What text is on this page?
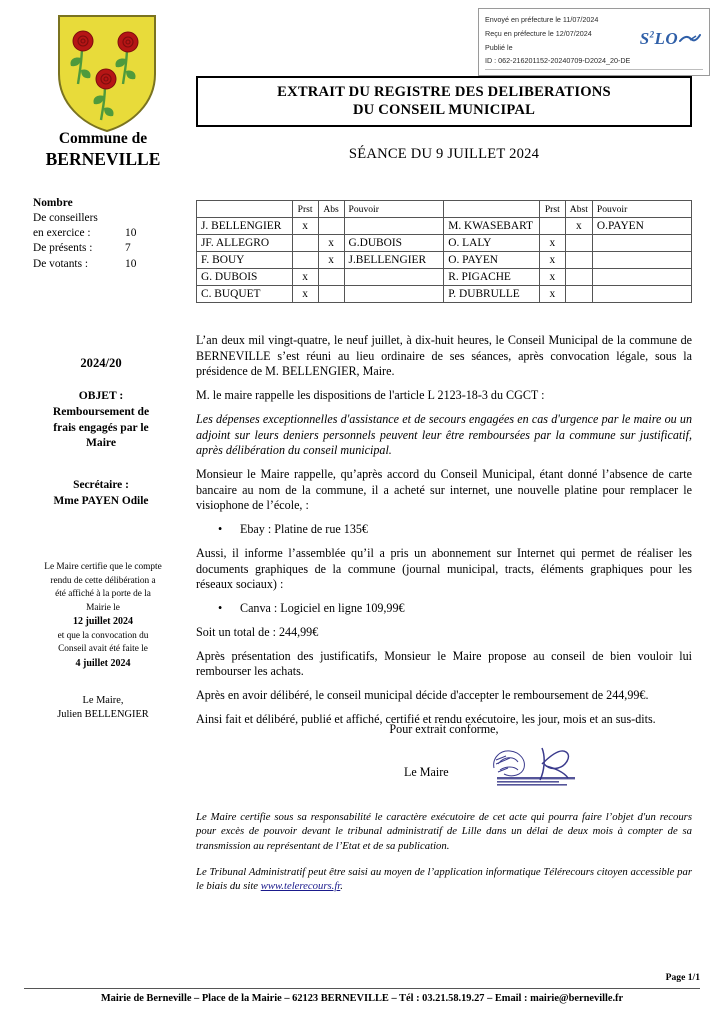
Envoyé en préfecture le 11/07/2024
Reçu en préfecture le 12/07/2024
Publié le
ID : 062-216201152-20240709-D2024_20-DE
$S^2LO$
Commune de
BERNEVILLE
Nombre
De conseillers
en exercice :	10
De présents :	7
De votants :	10
2024/20
OBJET :
Remboursement de
frais engagés par le
Maire
Secrétaire :
Mme PAYEN Odile
Le Maire certifie que le compte
rendu de cette délibération a
été affiché à la porte de la
Mairie le
12 juillet 2024
et que la convocation du
Conseil avait été faite le
4 juillet 2024
Le Maire,
Julien BELLENGIER
EXTRAIT DU REGISTRE DES DELIBERATIONS
DU CONSEIL MUNICIPAL
SÉANCE DU 9 JUILLET 2024
	Prst	Abs	Pouvoir		Prst	Abst	Pouvoir
J. BELLENGIER	x			M. KWASEBART		x	O.PAYEN
JF. ALLEGRO		x	G.DUBOIS	O. LALY	x		
F. BOUY		x	J.BELLENGIER	O. PAYEN	x		
G. DUBOIS	x			R. PIGACHE	x		
C. BUQUET	x			P. DUBRULLE	x		

L’an deux mil vingt-quatre, le neuf juillet, à dix-huit heures, le Conseil Municipal de la commune de BERNEVILLE s’est réuni au lieu ordinaire de ses séances, après convocation légale, sous la présidence de M. BELLENGIER, Maire.

M. le maire rappelle les dispositions de l'article L 2123-18-3 du CGCT :

Les dépenses exceptionnelles d'assistance et de secours engagées en cas d'urgence par le maire ou un adjoint sur leurs deniers personnels peuvent leur être remboursées par la commune sur justificatif, après délibération du conseil municipal.

Monsieur le Maire rappelle, qu’après accord du Conseil Municipal, étant donné l’absence de carte bancaire au nom de la commune, il a acheté sur internet, une nouvelle platine pour remplacer le visiophone de l’école, :

• Ebay : Platine de rue 135€

Aussi, il informe l’assemblée qu’il a pris un abonnement sur Internet qui permet de réaliser les documents graphiques de la commune (journal municipal, tracts, éléments graphiques pour les réseaux sociaux) :

• Canva : Logiciel en ligne 109,99€

Soit un total de : 244,99€

Après présentation des justificatifs, Monsieur le Maire propose au conseil de bien vouloir lui rembourser les achats.

Après en avoir délibéré, le conseil municipal décide d'accepter le remboursement de 244,99€.

Ainsi fait et délibéré, publié et affiché, certifié et rendu exécutoire, les jour, mois et an sus-dits.

Pour extrait conforme,
Le Maire

Le Maire certifie sous sa responsabilité le caractère exécutoire de cet acte qui pourra faire l’objet d'un recours pour excès de pouvoir devant le tribunal administratif de Lille dans un délai de deux mois à compter de sa transmission au représentant de l’Etat et de sa publication.

Le Tribunal Administratif peut être saisi au moyen de l’application informatique Télérecours citoyen accessible par le biais du site www.telerecours.fr.

Page 1/1
Mairie de Berneville – Place de la Mairie – 62123 BERNEVILLE – Tél : 03.21.58.19.27 – Email : mairie@berneville.fr
